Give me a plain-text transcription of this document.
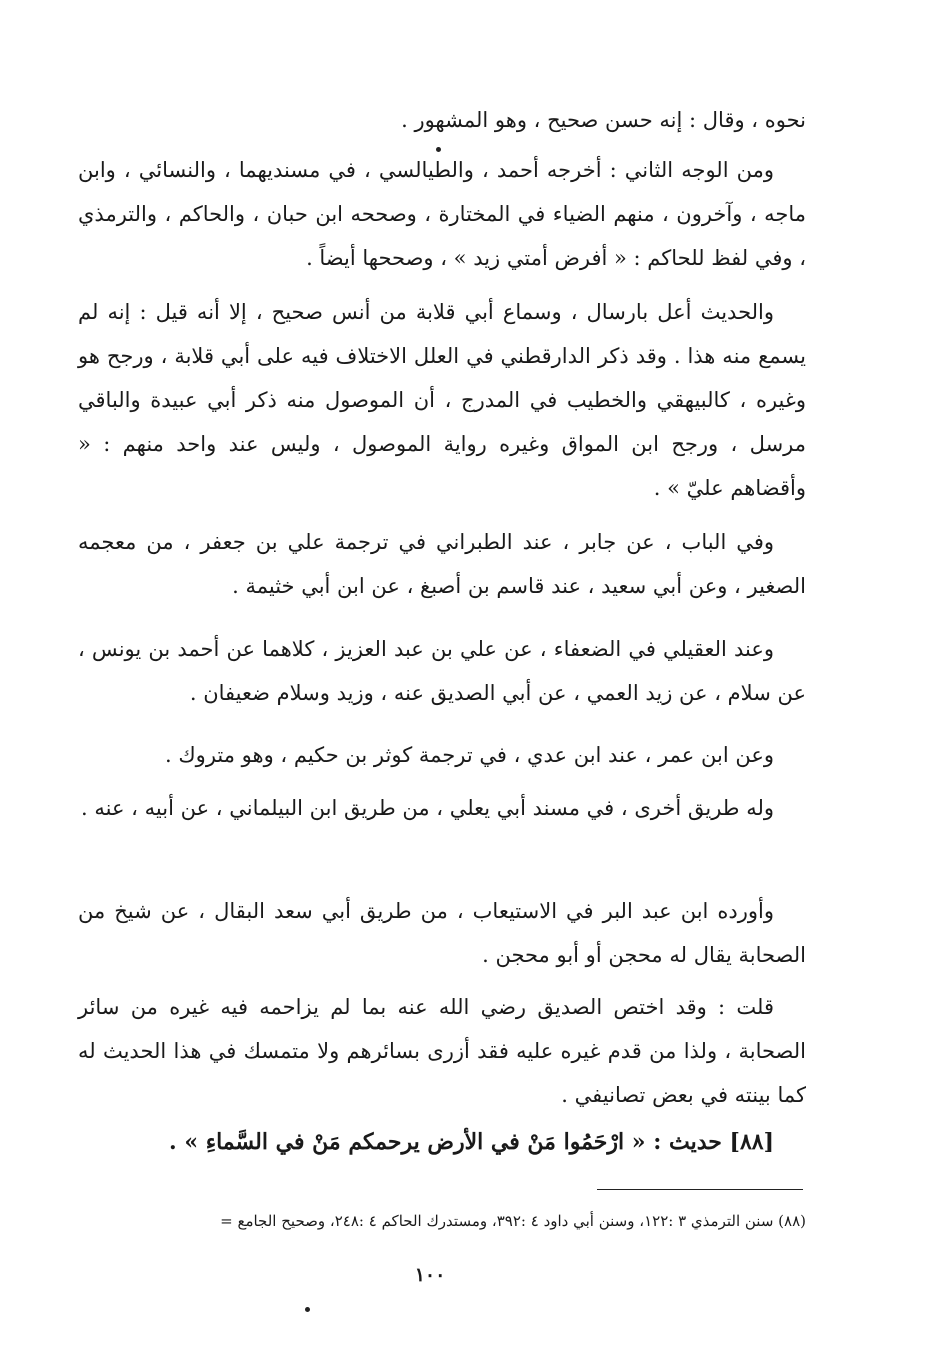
نحوه ، وقال : إنه حسن صحيح ، وهو المشهور .

ومن الوجه الثاني : أخرجه أحمد ، والطيالسي ، في مسنديهما ، والنسائي ، وابن ماجه ، وآخرون ، منهم الضياء في المختارة ، وصححه ابن حبان ، والحاكم ، والترمذي ، وفي لفظ للحاكم : « أفرض أمتي زيد » ، وصححها أيضاً .

والحديث أعل بارسال ، وسماع أبي قلابة من أنس صحيح ، إلا أنه قيل : إنه لم يسمع منه هذا . وقد ذكر الدارقطني في العلل الاختلاف فيه على أبي قلابة ، ورجح هو وغيره ، كالبيهقي والخطيب في المدرج ، أن الموصول منه ذكر أبي عبيدة والباقي مرسل ، ورجح ابن المواق وغيره رواية الموصول ، وليس عند واحد منهم : « وأقضاهم عليّ » .

وفي الباب ، عن جابر ، عند الطبراني في ترجمة علي بن جعفر ، من معجمه الصغير ، وعن أبي سعيد ، عند قاسم بن أصبغ ، عن ابن أبي خثيمة .

وعند العقيلي في الضعفاء ، عن علي بن عبد العزيز ، كلاهما عن أحمد بن يونس ، عن سلام ، عن زيد العمي ، عن أبي الصديق عنه ، وزيد وسلام ضعيفان .

وعن ابن عمر ، عند ابن عدي ، في ترجمة كوثر بن حكيم ، وهو متروك .

وله طريق أخرى ، في مسند أبي يعلي ، من طريق ابن البيلماني ، عن أبيه ، عنه .

وأورده ابن عبد البر في الاستيعاب ، من طريق أبي سعد البقال ، عن شيخ من الصحابة يقال له محجن أو أبو محجن .

قلت : وقد اختص الصديق رضي الله عنه بما لم يزاحمه فيه غيره من سائر الصحابة ، ولذا من قدم غيره عليه فقد أزرى بسائرهم ولا متمسك في هذا الحديث له كما بينته في بعض تصانيفي .

[٨٨] حديث : « ارْحَمُوا مَنْ في الأرض يرحمكم مَنْ في السَّماءِ » .

(٨٨) سنن الترمذي ٣ :١٢٢، وسنن أبي داود ٤ :٣٩٢، ومستدرك الحاكم ٤ :٢٤٨، وصحيح الجامع =
١٠٠
